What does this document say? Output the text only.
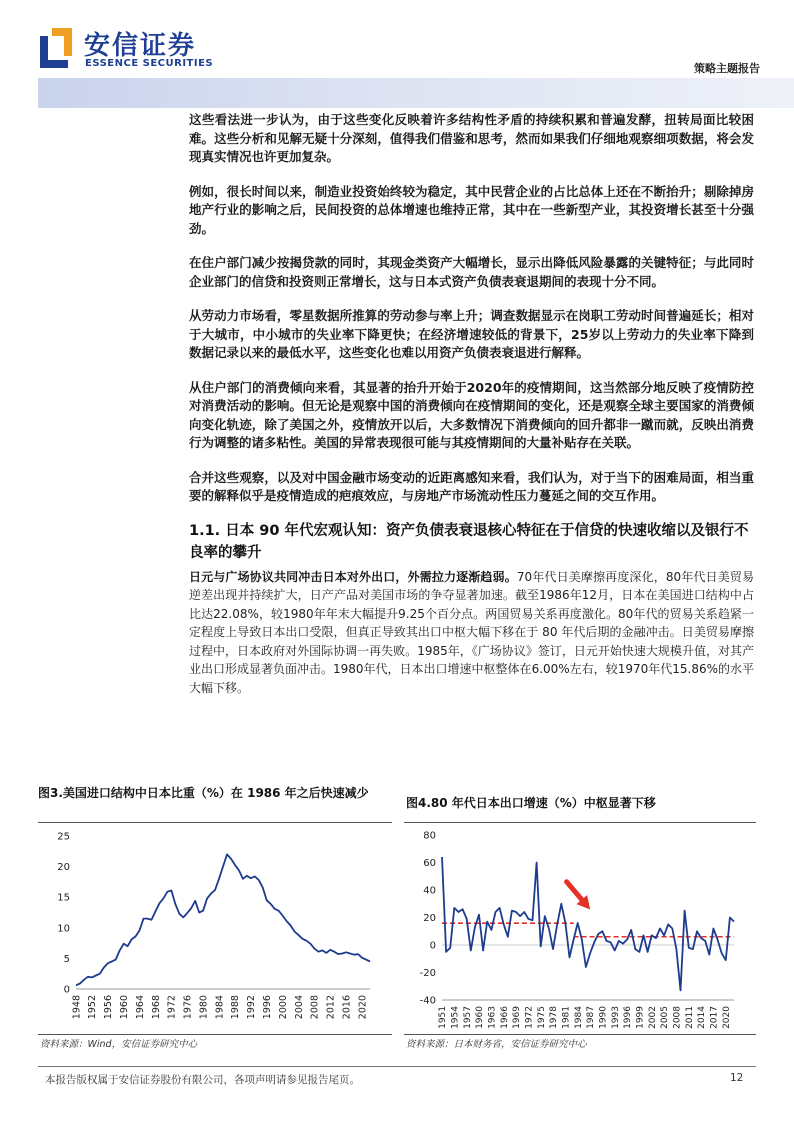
安信证券
ESSENCE SECURITIES	策略主题报告

这些看法进一步认为，由于这些变化反映着许多结构性矛盾的持续积累和普遍发酵，扭转局面比较困难。这些分析和见解无疑十分深刻，值得我们借鉴和思考，然而如果我们仔细地观察细项数据，将会发现真实情况也许更加复杂。

例如，很长时间以来，制造业投资始终较为稳定，其中民营企业的占比总体上还在不断抬升；剔除掉房地产行业的影响之后，民间投资的总体增速也维持正常，其中在一些新型产业，其投资增长甚至十分强劲。

在住户部门减少按揭贷款的同时，其现金类资产大幅增长，显示出降低风险暴露的关键特征；与此同时企业部门的信贷和投资则正常增长，这与日本式资产负债表衰退期间的表现十分不同。

从劳动力市场看，零星数据所推算的劳动参与率上升；调查数据显示在岗职工劳动时间普遍延长；相对于大城市，中小城市的失业率下降更快；在经济增速较低的背景下，25岁以上劳动力的失业率下降到数据记录以来的最低水平，这些变化也难以用资产负债表衰退进行解释。

从住户部门的消费倾向来看，其显著的抬升开始于2020年的疫情期间，这当然部分地反映了疫情防控对消费活动的影响。但无论是观察中国的消费倾向在疫情期间的变化，还是观察全球主要国家的消费倾向变化轨迹，除了美国之外，疫情放开以后，大多数情况下消费倾向的回升都非一蹴而就，反映出消费行为调整的诸多粘性。美国的异常表现很可能与其疫情期间的大量补贴存在关联。

合并这些观察，以及对中国金融市场变动的近距离感知来看，我们认为，对于当下的困难局面，相当重要的解释似乎是疫情造成的疤痕效应，与房地产市场流动性压力蔓延之间的交互作用。

1.1. 日本 90 年代宏观认知：资产负债表衰退核心特征在于信贷的快速收缩以及银行不良率的攀升

日元与广场协议共同冲击日本对外出口，外需拉力逐渐趋弱。70年代日美摩擦再度深化，80年代日美贸易逆差出现并持续扩大，日产产品对美国市场的争夺显著加速。截至1986年12月，日本在美国进口结构中占比达22.08%，较1980年年末大幅提升9.25个百分点。两国贸易关系再度激化。80年代的贸易关系趋紧一定程度上导致日本出口受限，但真正导致其出口中枢大幅下移在于 80 年代后期的金融冲击。日美贸易摩擦过程中，日本政府对外国际协调一再失败。1985年，《广场协议》签订，日元开始快速大规模升值，对其产业出口形成显著负面冲击。1980年代，日本出口增速中枢整体在6.00%左右，较1970年代15.86%的水平大幅下移。

图3.美国进口结构中日本比重（%）在 1986 年之后快速减少
0
5
10
15
20
25
1948 1952 1956 1960 1964 1968 1972 1976 1980 1984 1988 1992 1996 2000 2004 2008 2012 2016 2020
资料来源：Wind，安信证券研究中心
图4.80 年代日本出口增速（%）中枢显著下移
-40
-20
0
20
40
60
80
1951 1954 1957 1960 1963 1966 1969 1972 1975 1978 1981 1984 1987 1990 1993 1996 1999 2002 2005 2008 2011 2014 2017 2020
资料来源：日本财务省，安信证券研究中心
本报告版权属于安信证券股份有限公司，各项声明请参见报告尾页。	12
